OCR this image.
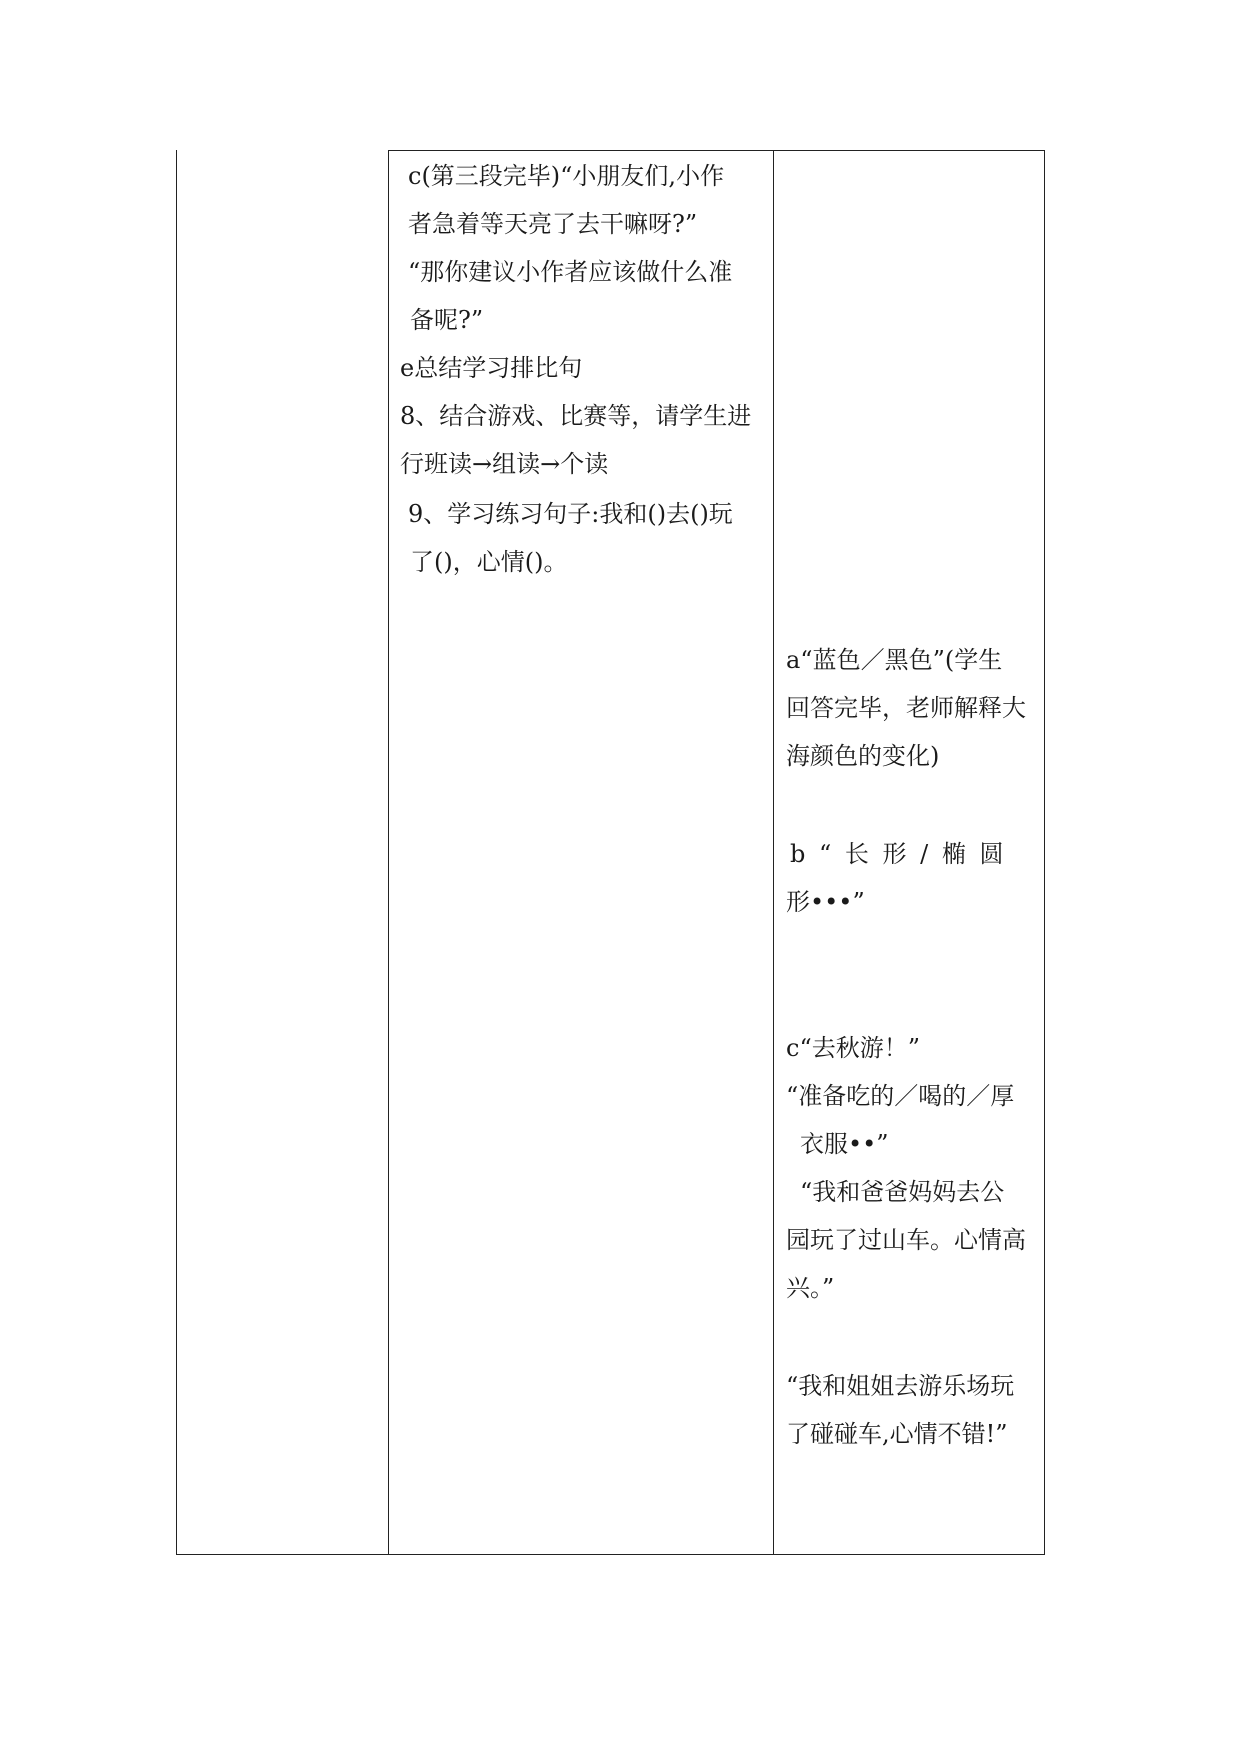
c(第三段完毕)“小朋友们,小作
者急着等天亮了去干嘛呀?”
“那你建议小作者应该做什么准
备呢?”
e总结学习排比句
8、结合游戏、比赛等，请学生进
行班读→组读→个读
9、学习练习句子:我和()去()玩
了()，心情()。
a“蓝色／黑色”(学生
回答完毕，老师解释大
海颜色的变化)
b “ 长 形 / 椭 圆
形•••”
c“去秋游！”
“准备吃的／喝的／厚
衣服••”
“我和爸爸妈妈去公
园玩了过山车。心情高
兴。”
“我和姐姐去游乐场玩
了碰碰车,心情不错!”
